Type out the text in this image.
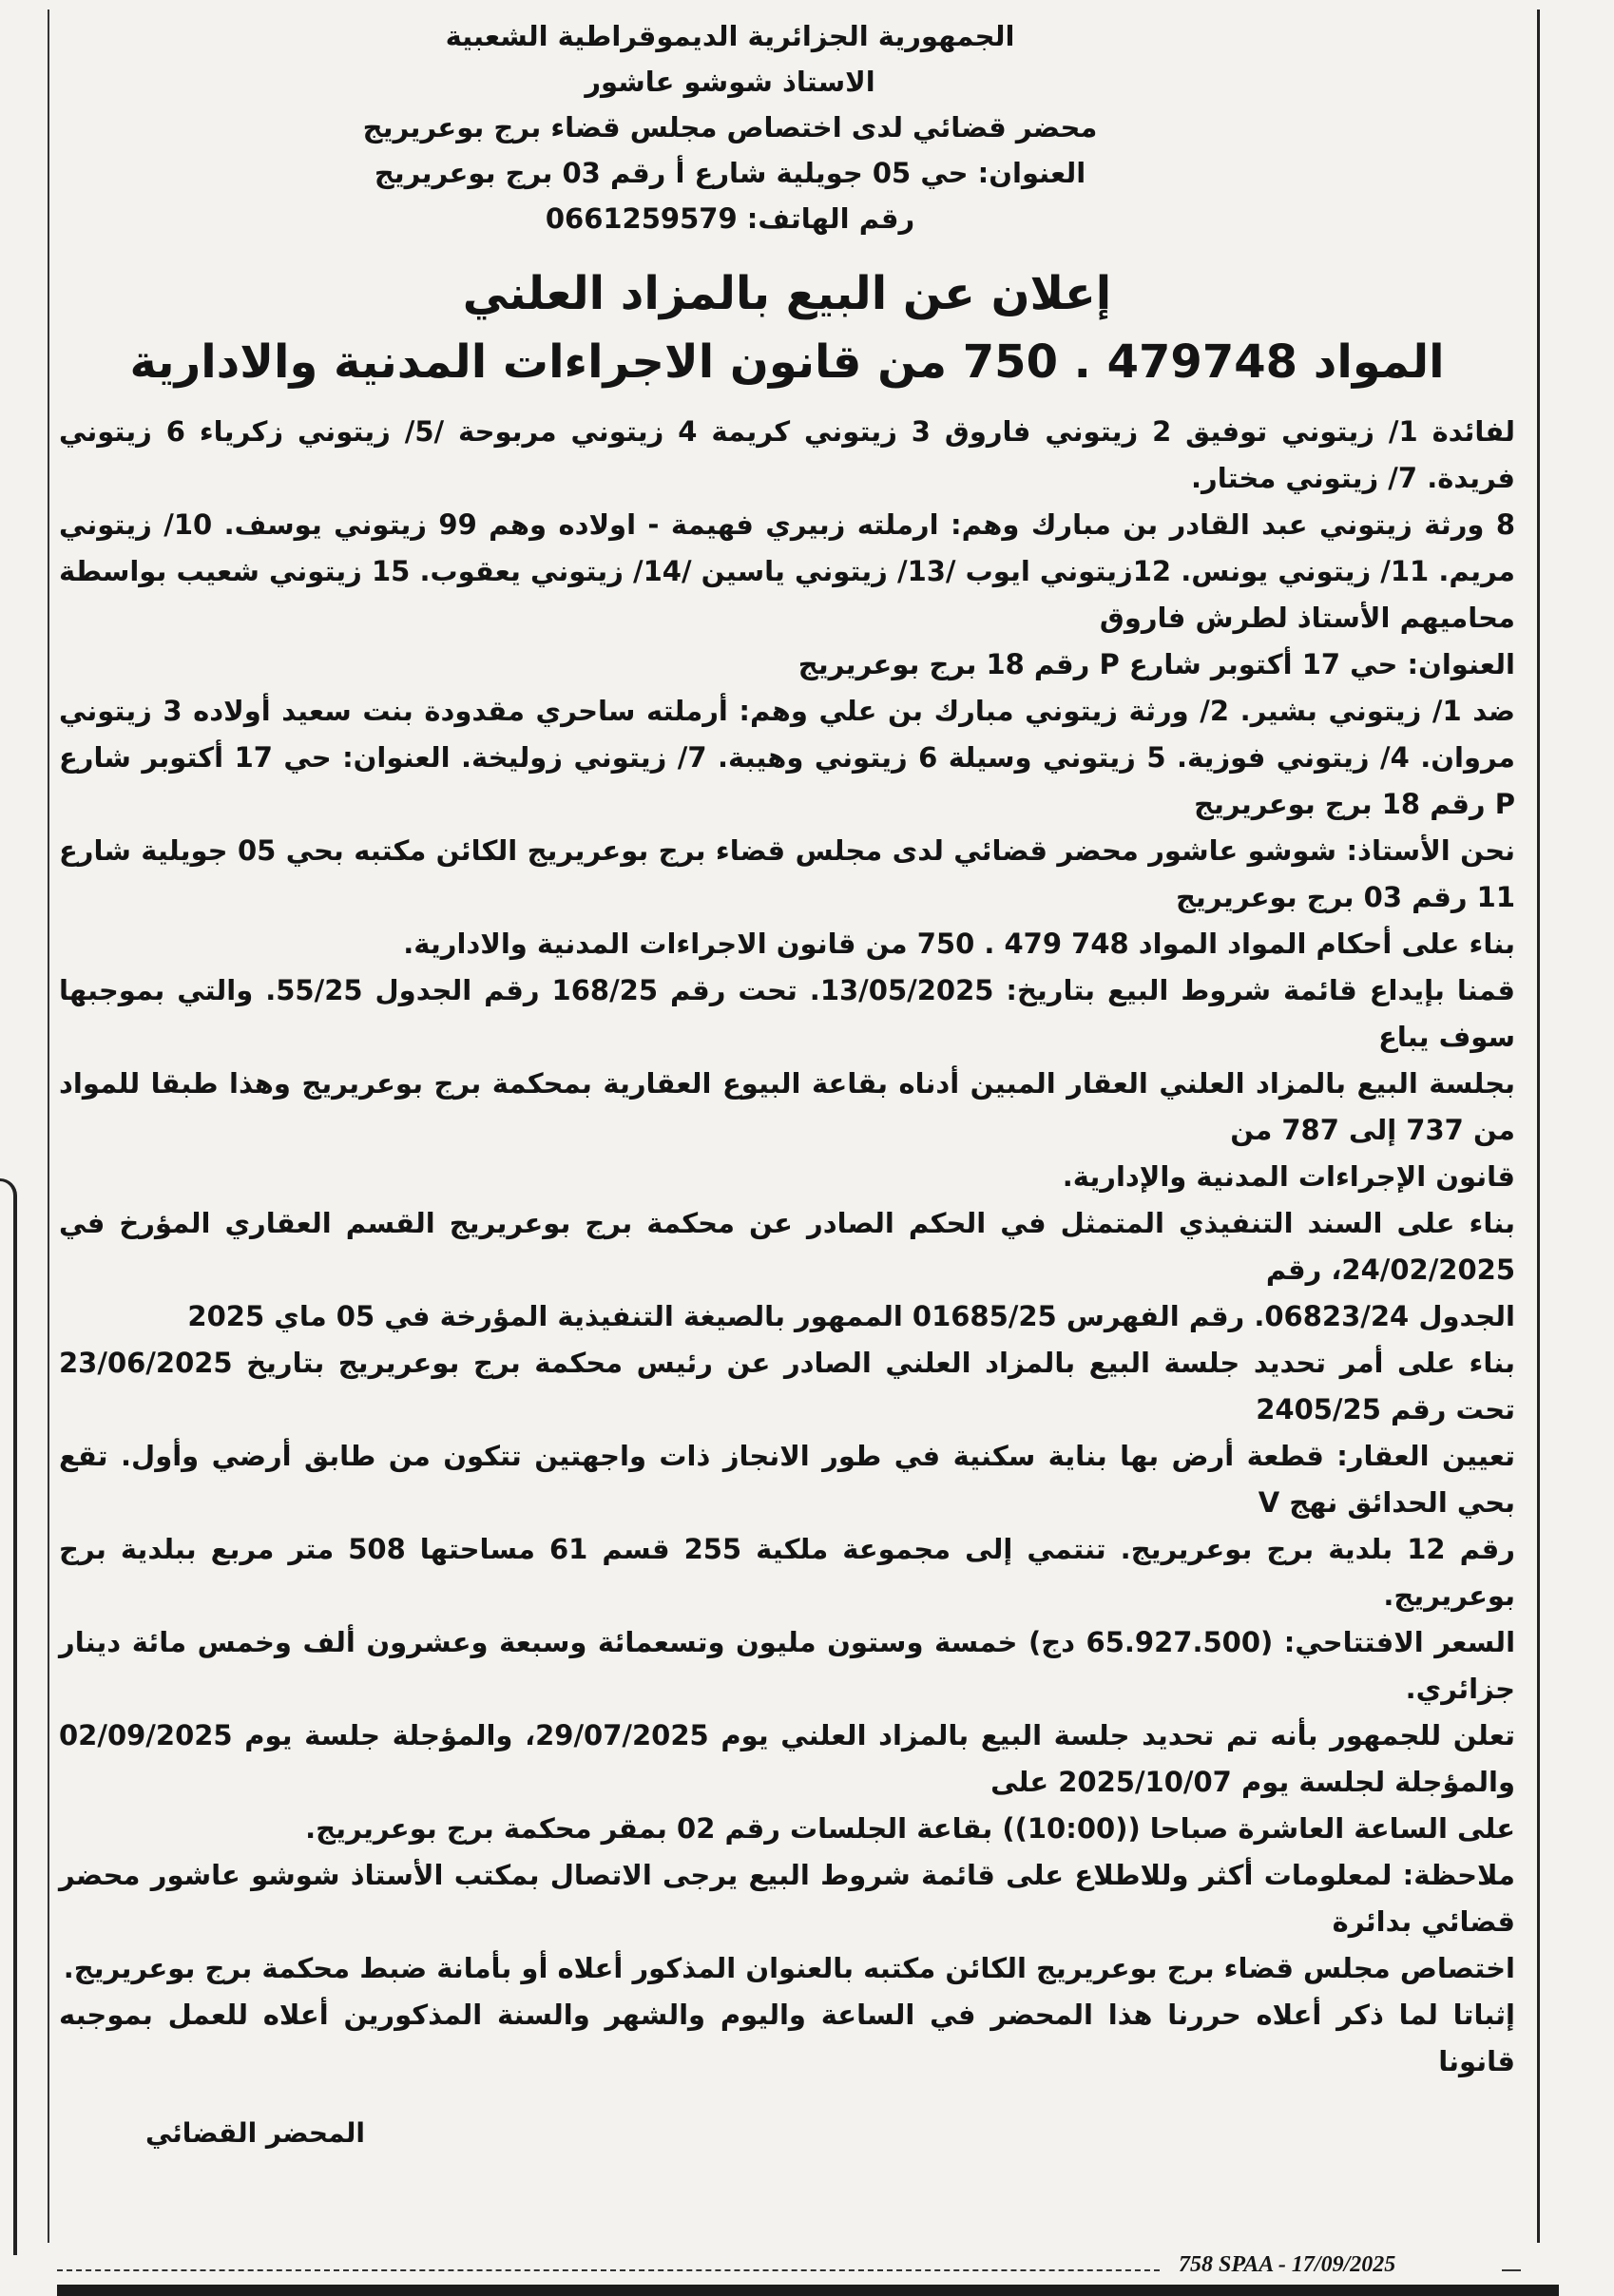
الجمهورية الجزائرية الديموقراطية الشعبية
الاستاذ شوشو عاشور
محضر قضائي لدى اختصاص مجلس قضاء برج بوعريريج
العنوان: حي 05 جويلية شارع أ رقم 03 برج بوعريريج
رقم الهاتف: 0661259579
إعلان عن البيع بالمزاد العلني
المواد 479748 . 750 من قانون الاجراءات المدنية والادارية

لفائدة 1/ زيتوني توفيق 2 زيتوني فاروق 3 زيتوني كريمة 4 زيتوني مربوحة /5/ زيتوني زكرياء 6 زيتوني فريدة. 7/ زيتوني مختار.

8 ورثة زيتوني عبد القادر بن مبارك وهم: ارملته زبيري فهيمة - اولاده وهم 99 زيتوني يوسف. 10/ زيتوني مريم. 11/ زيتوني يونس. 12زيتوني ايوب /13/ زيتوني ياسين /14/ زيتوني يعقوب. 15 زيتوني شعيب بواسطة محاميهم الأستاذ لطرش فاروق

العنوان: حي 17 أكتوبر شارع P رقم 18 برج بوعريريج

ضد 1/ زيتوني بشير. 2/ ورثة زيتوني مبارك بن علي وهم: أرملته ساحري مقدودة بنت سعيد أولاده 3 زيتوني مروان. 4/ زيتوني فوزية. 5 زيتوني وسيلة 6 زيتوني وهيبة. 7/ زيتوني زوليخة. العنوان: حي 17 أكتوبر شارع P رقم 18 برج بوعريريج

نحن الأستاذ: شوشو عاشور محضر قضائي لدى مجلس قضاء برج بوعريريج الكائن مكتبه بحي 05 جويلية شارع 11 رقم 03 برج بوعريريج

بناء على أحكام المواد المواد 748 479 . 750 من قانون الاجراءات المدنية والادارية.

قمنا بإيداع قائمة شروط البيع بتاريخ: 13/05/2025. تحت رقم 168/25 رقم الجدول 55/25. والتي بموجبها سوف يباع

بجلسة البيع بالمزاد العلني العقار المبين أدناه بقاعة البيوع العقارية بمحكمة برج بوعريريج وهذا طبقا للمواد من 737 إلى 787 من

قانون الإجراءات المدنية والإدارية.

بناء على السند التنفيذي المتمثل في الحكم الصادر عن محكمة برج بوعريريج القسم العقاري المؤرخ في 24/02/2025، رقم

الجدول 06823/24. رقم الفهرس 01685/25 الممهور بالصيغة التنفيذية المؤرخة في 05 ماي 2025

بناء على أمر تحديد جلسة البيع بالمزاد العلني الصادر عن رئيس محكمة برج بوعريريج بتاريخ 23/06/2025 تحت رقم 2405/25

تعيين العقار: قطعة أرض بها بناية سكنية في طور الانجاز ذات واجهتين تتكون من طابق أرضي وأول. تقع بحي الحدائق نهج V

رقم 12 بلدية برج بوعريريج. تنتمي إلى مجموعة ملكية 255 قسم 61 مساحتها 508 متر مربع ببلدية برج بوعريريج.

السعر الافتتاحي: (65.927.500 دج) خمسة وستون مليون وتسعمائة وسبعة وعشرون ألف وخمس مائة دينار جزائري.

تعلن للجمهور بأنه تم تحديد جلسة البيع بالمزاد العلني يوم 29/07/2025، والمؤجلة جلسة يوم 02/09/2025 والمؤجلة لجلسة يوم 2025/10/07 على

على الساعة العاشرة صباحا ((10:00)) بقاعة الجلسات رقم 02 بمقر محكمة برج بوعريريج.

ملاحظة: لمعلومات أكثر وللاطلاع على قائمة شروط البيع يرجى الاتصال بمكتب الأستاذ شوشو عاشور محضر قضائي بدائرة

اختصاص مجلس قضاء برج بوعريريج الكائن مكتبه بالعنوان المذكور أعلاه أو بأمانة ضبط محكمة برج بوعريريج.

إثباتا لما ذكر أعلاه حررنا هذا المحضر في الساعة واليوم والشهر والسنة المذكورين أعلاه للعمل بموجبه قانونا

المحضر القضائي
758 SPAA - 17/09/2025
